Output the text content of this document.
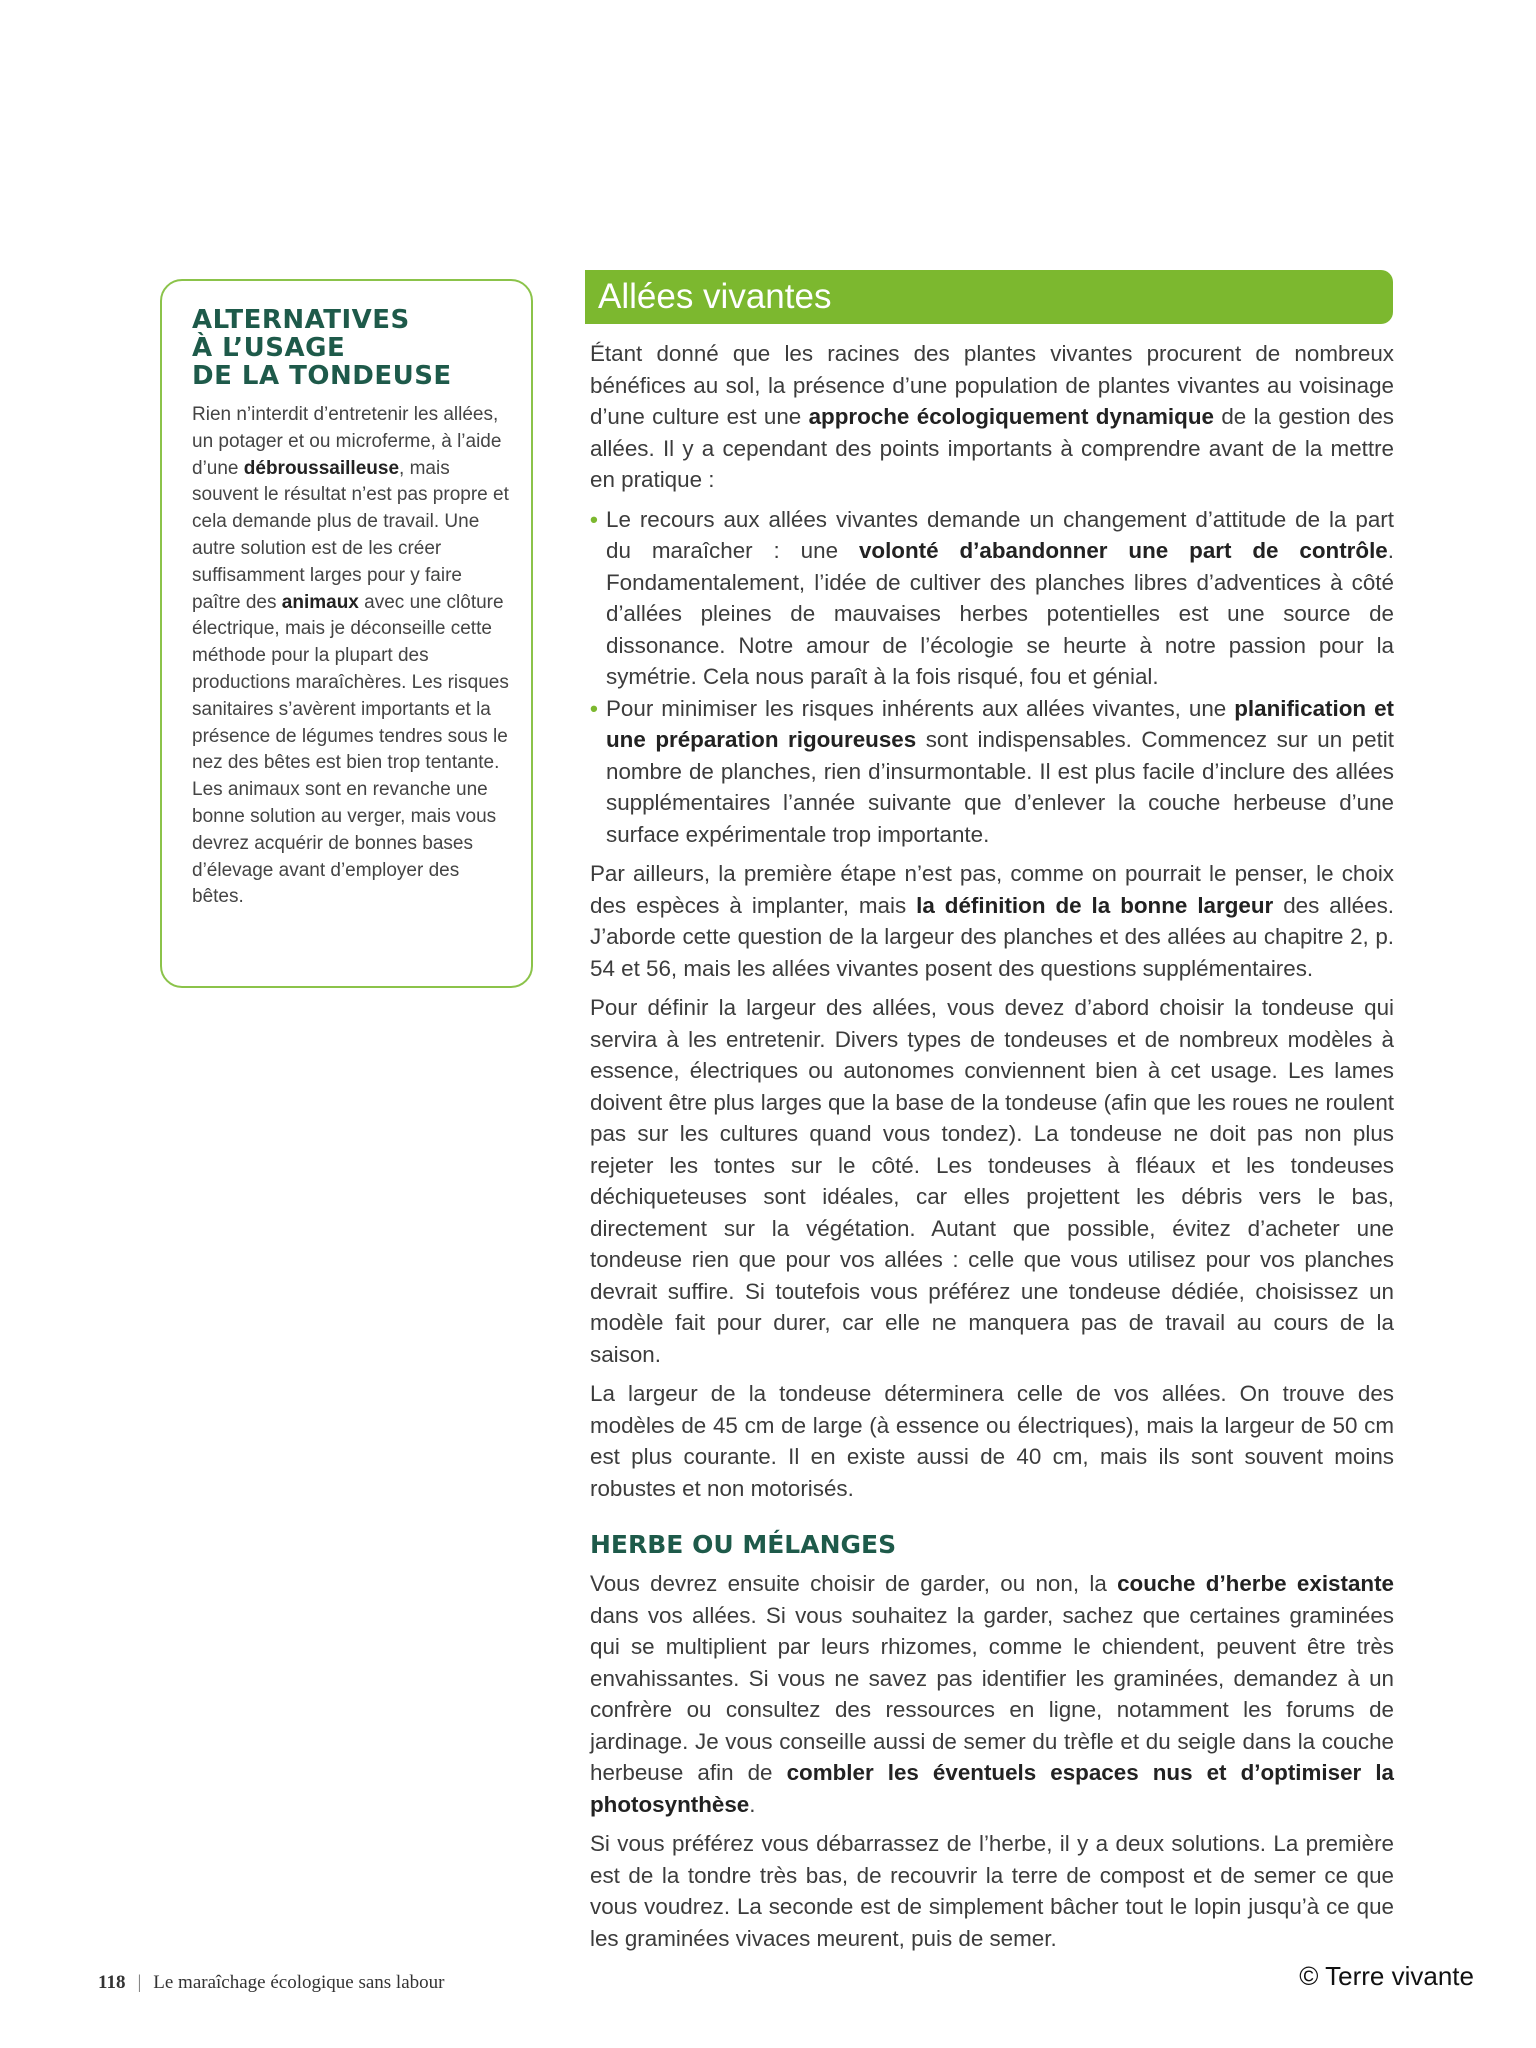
ALTERNATIVES
À L’USAGE
DE LA TONDEUSE

Rien n’interdit d’entretenir les allées, un potager et ou microferme, à l’aide d’une débroussailleuse, mais souvent le résultat n’est pas propre et cela demande plus de travail. Une autre solution est de les créer suffisamment larges pour y faire paître des animaux avec une clôture électrique, mais je déconseille cette méthode pour la plupart des productions maraîchères. Les risques sanitaires s’avèrent importants et la présence de légumes tendres sous le nez des bêtes est bien trop tentante. Les animaux sont en revanche une bonne solution au verger, mais vous devrez acquérir de bonnes bases d’élevage avant d’employer des bêtes.

Allées vivantes

Étant donné que les racines des plantes vivantes procurent de nombreux bénéfices au sol, la présence d’une population de plantes vivantes au voisinage d’une culture est une approche écologiquement dynamique de la gestion des allées. Il y a cependant des points importants à comprendre avant de la mettre en pratique :

• Le recours aux allées vivantes demande un changement d’attitude de la part du maraîcher : une volonté d’abandonner une part de contrôle. Fondamentalement, l’idée de cultiver des planches libres d’adventices à côté d’allées pleines de mauvaises herbes potentielles est une source de dissonance. Notre amour de l’écologie se heurte à notre passion pour la symétrie. Cela nous paraît à la fois risqué, fou et génial.
• Pour minimiser les risques inhérents aux allées vivantes, une planification et une préparation rigoureuses sont indispensables. Commencez sur un petit nombre de planches, rien d’insurmontable. Il est plus facile d’inclure des allées supplémentaires l’année suivante que d’enlever la couche herbeuse d’une surface expérimentale trop importante.

Par ailleurs, la première étape n’est pas, comme on pourrait le penser, le choix des espèces à implanter, mais la définition de la bonne largeur des allées. J’aborde cette question de la largeur des planches et des allées au chapitre 2, p. 54 et 56, mais les allées vivantes posent des questions supplémentaires.

Pour définir la largeur des allées, vous devez d’abord choisir la tondeuse qui servira à les entretenir. Divers types de tondeuses et de nombreux modèles à essence, électriques ou autonomes conviennent bien à cet usage. Les lames doivent être plus larges que la base de la tondeuse (afin que les roues ne roulent pas sur les cultures quand vous tondez). La tondeuse ne doit pas non plus rejeter les tontes sur le côté. Les tondeuses à fléaux et les tondeuses déchiqueteuses sont idéales, car elles projettent les débris vers le bas, directement sur la végétation. Autant que possible, évitez d’acheter une tondeuse rien que pour vos allées : celle que vous utilisez pour vos planches devrait suffire. Si toutefois vous préférez une tondeuse dédiée, choisissez un modèle fait pour durer, car elle ne manquera pas de travail au cours de la saison.

La largeur de la tondeuse déterminera celle de vos allées. On trouve des modèles de 45 cm de large (à essence ou électriques), mais la largeur de 50 cm est plus courante. Il en existe aussi de 40 cm, mais ils sont souvent moins robustes et non motorisés.

HERBE OU MÉLANGES

Vous devrez ensuite choisir de garder, ou non, la couche d’herbe existante dans vos allées. Si vous souhaitez la garder, sachez que certaines graminées qui se multiplient par leurs rhizomes, comme le chiendent, peuvent être très envahissantes. Si vous ne savez pas identifier les graminées, demandez à un confrère ou consultez des ressources en ligne, notamment les forums de jardinage. Je vous conseille aussi de semer du trèfle et du seigle dans la couche herbeuse afin de combler les éventuels espaces nus et d’optimiser la photosynthèse.

Si vous préférez vous débarrassez de l’herbe, il y a deux solutions. La première est de la tondre très bas, de recouvrir la terre de compost et de semer ce que vous voudrez. La seconde est de simplement bâcher tout le lopin jusqu’à ce que les graminées vivaces meurent, puis de semer.

118 | Le maraîchage écologique sans labour	© Terre vivante
